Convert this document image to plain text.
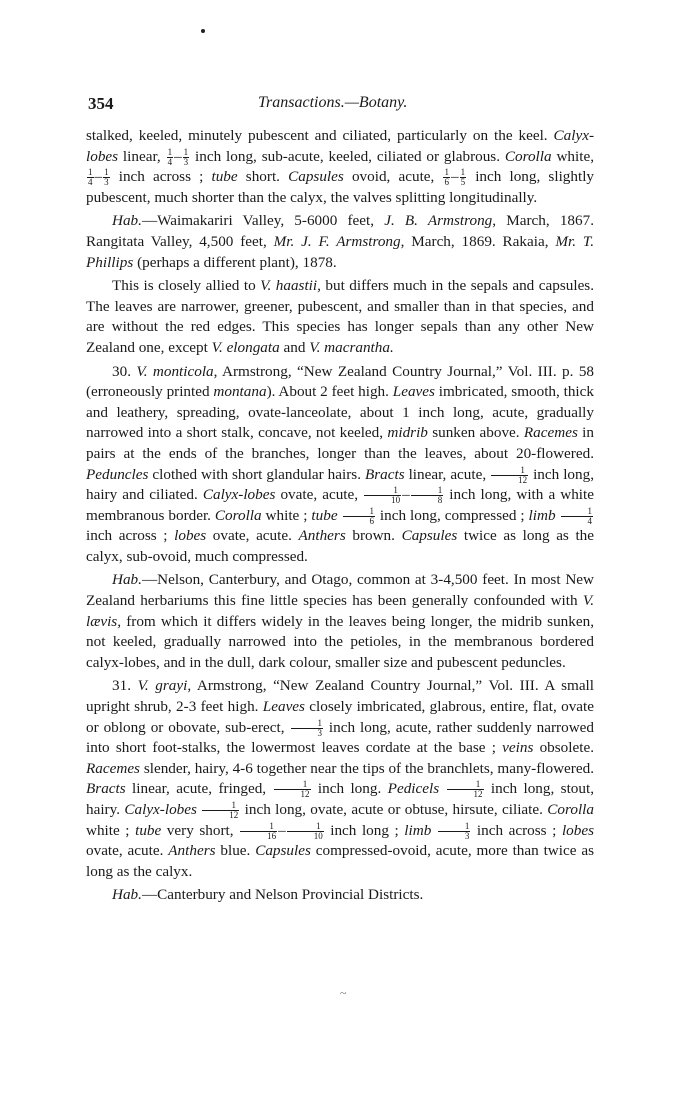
354	Transactions.—Botany.

stalked, keeled, minutely pubescent and ciliated, particularly on the keel. Calyx-lobes linear, $\frac{1}{4} - \frac{1}{3}$ inch long, sub-acute, keeled, ciliated or glabrous. Corolla white,
$\frac{1}{4} - \frac{1}{3}$ inch across ; tube short. Capsules ovoid, acute, $\frac{1}{6} - \frac{1}{5}$ inch long, slightly pubescent, much shorter than the calyx, the valves splitting longitudinally.

Hab.—Waimakariri Valley, 5-6000 feet, J. B. Armstrong, March, 1867. Rangitata Valley, 4,500 feet, Mr. J. F. Armstrong, March, 1869. Rakaia, Mr. T. Phillips (perhaps a different plant), 1878.

This is closely allied to V. haastii, but differs much in the sepals and capsules. The leaves are narrower, greener, pubescent, and smaller than in that species, and are without the red edges. This species has longer sepals than any other New Zealand one, except V. elongata and V. macrantha.

30. V. monticola, Armstrong, “New Zealand Country Journal,” Vol. III. p. 58 (erroneously printed montana). About 2 feet high. Leaves imbricated, smooth, thick and leathery, spreading, ovate-lanceolate, about 1 inch long, acute, gradually narrowed into a short stalk, concave, not keeled, midrib sunken above. Racemes in pairs at the ends of the branches, longer than the leaves, about 20-flowered. Peduncles clothed with short glandular hairs. Bracts linear, acute, $\frac{1}{12}$ inch long, hairy and ciliated. Calyx-lobes ovate, acute, $\frac{1}{10} - \frac{1}{8}$ inch long, with a white membranous border. Corolla white ; tube $\frac{1}{6}$ inch long, compressed ; limb $\frac{1}{4}$
inch across ; lobes ovate, acute. Anthers brown. Capsules twice as long as the calyx, sub-ovoid, much compressed.

Hab.—Nelson, Canterbury, and Otago, common at 3-4,500 feet. In most New Zealand herbariums this fine little species has been generally confounded with V. lævis, from which it differs widely in the leaves being longer, the midrib sunken, not keeled, gradually narrowed into the petioles, in the membranous bordered calyx-lobes, and in the dull, dark colour, smaller size and pubescent peduncles.

31. V. grayi, Armstrong, “New Zealand Country Journal,” Vol. III. A small upright shrub, 2-3 feet high. Leaves closely imbricated, glabrous, entire, flat, ovate or oblong or obovate, sub-erect, $\frac{1}{3}$ inch long, acute, rather suddenly narrowed into short foot-stalks, the lowermost leaves cordate at the base ; veins obsolete. Racemes slender, hairy, 4-6 together near the tips of the branchlets, many-flowered. Bracts linear, acute, fringed, $\frac{1}{12}$ inch long. Pedicels $\frac{1}{12}$ inch long, stout, hairy. Calyx-lobes $\frac{1}{12}$ inch long, ovate, acute or obtuse, hirsute, ciliate. Corolla white ; tube very short, $\frac{1}{16} - \frac{1}{10}$ inch long ; limb $\frac{1}{3}$ inch across ; lobes ovate, acute. Anthers blue. Capsules compressed-ovoid, acute, more than twice as long as the calyx.

Hab.—Canterbury and Nelson Provincial Districts.

~
